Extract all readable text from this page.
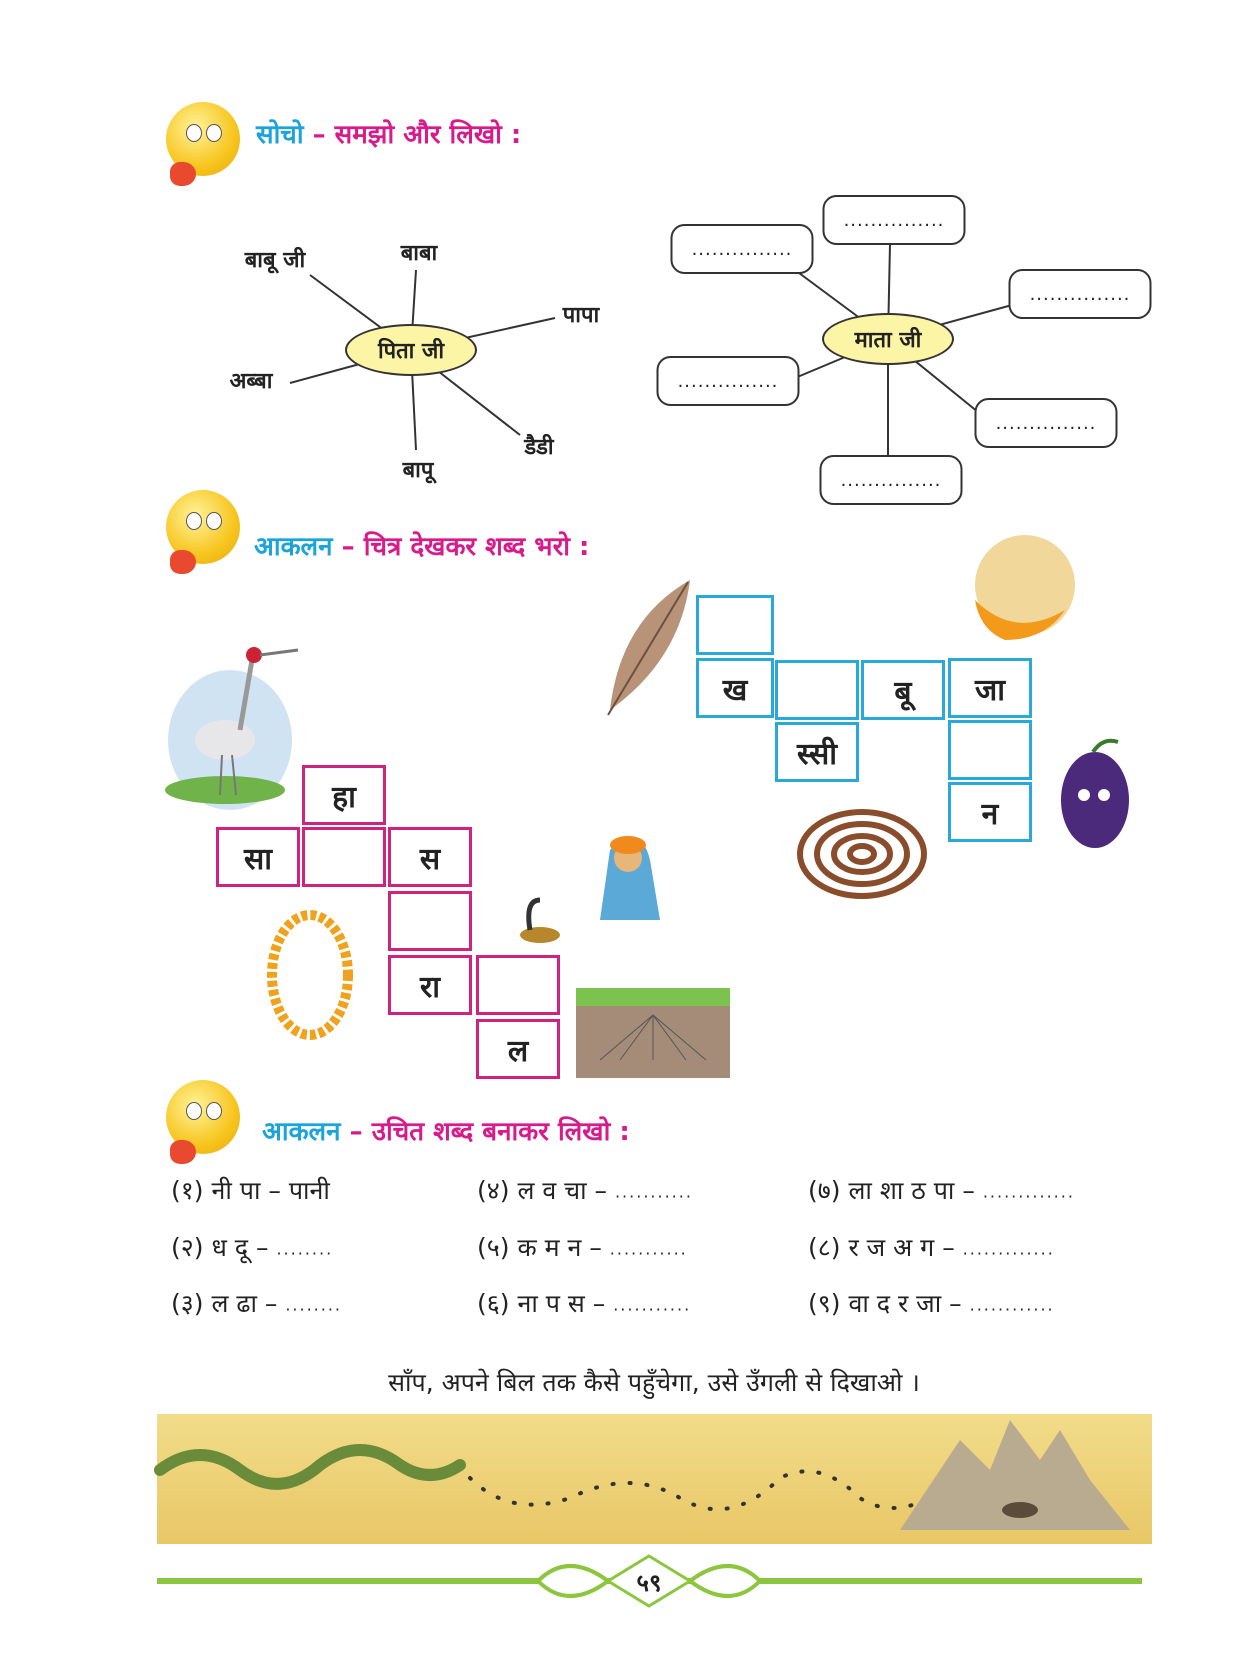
सोचो – समझो और लिखो :
पिता जी
बाबू जी	बाबा
पापा
अब्बा
डैडी
बापू
माता जी
...............
...............
...............
...............
...............
...............
आकलन – चित्र देखकर शब्द भरो :
हा
सा	स
रा
ल
ख	बू	जा
स्सी
न
आकलन – उचित शब्द बनाकर लिखो :
(१) नी पा – पानी
(२) ध दू – ........
(३) ल ढा – ........
(४) ल व चा – ...........
(५) क म न – ...........
(६) ना प स – ...........
(७) ला शा ठ पा – .............
(८) र ज अ ग – .............
(९) वा द र जा – ............
साँप, अपने बिल तक कैसे पहुँचेगा, उसे उँगली से दिखाओ ।
५९
